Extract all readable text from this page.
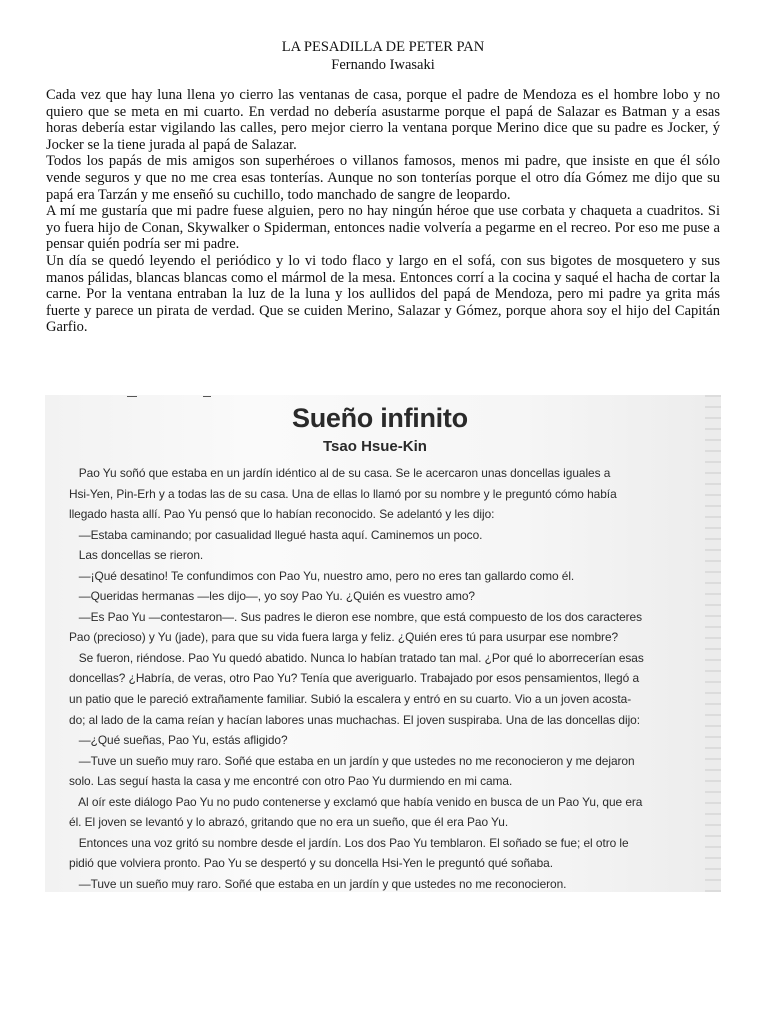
LA PESADILLA DE PETER PAN

Fernando Iwasaki

Cada vez que hay luna llena yo cierro las ventanas de casa, porque el padre de Mendoza es el hombre lobo y no quiero que se meta en mi cuarto. En verdad no debería asustarme porque el papá de Salazar es Batman y a esas horas debería estar vigilando las calles, pero mejor cierro la ventana porque Merino dice que su padre es Jocker, ý Jocker se la tiene jurada al papá de Salazar.

Todos los papás de mis amigos son superhéroes o villanos famosos, menos mi padre, que insiste en que él sólo vende seguros y que no me crea esas tonterías. Aunque no son tonterías porque el otro día Gómez me dijo que su papá era Tarzán y me enseñó su cuchillo, todo manchado de sangre de leopardo.

A mí me gustaría que mi padre fuese alguien, pero no hay ningún héroe que use corbata y chaqueta a cuadritos. Si yo fuera hijo de Conan, Skywalker o Spiderman, entonces nadie volvería a pegarme en el recreo. Por eso me puse a pensar quién podría ser mi padre.

Un día se quedó leyendo el periódico y lo vi todo flaco y largo en el sofá, con sus bigotes de mosquetero y sus manos pálidas, blancas blancas como el mármol de la mesa. Entonces corrí a la cocina y saqué el hacha de cortar la carne. Por la ventana entraban la luz de la luna y los aullidos del papá de Mendoza, pero mi padre ya grita más fuerte y parece un pirata de verdad. Que se cuiden Merino, Salazar y Gómez, porque ahora soy el hijo del Capitán Garfio.

Sueño infinito

Tsao Hsue-Kin

Pao Yu soñó que estaba en un jardín idéntico al de su casa. Se le acercaron unas doncellas iguales a

Hsi-Yen, Pin-Erh y a todas las de su casa. Una de ellas lo llamó por su nombre y le preguntó cómo había

llegado hasta allí. Pao Yu pensó que lo habían reconocido. Se adelantó y les dijo:

—Estaba caminando; por casualidad llegué hasta aquí. Caminemos un poco.

Las doncellas se rieron.

—¡Qué desatino! Te confundimos con Pao Yu, nuestro amo, pero no eres tan gallardo como él.

—Queridas hermanas —les dijo—, yo soy Pao Yu. ¿Quién es vuestro amo?

—Es Pao Yu —contestaron—. Sus padres le dieron ese nombre, que está compuesto de los dos caracteres

Pao (precioso) y Yu (jade), para que su vida fuera larga y feliz. ¿Quién eres tú para usurpar ese nombre?

Se fueron, riéndose. Pao Yu quedó abatido. Nunca lo habían tratado tan mal. ¿Por qué lo aborrecerían esas

doncellas? ¿Habría, de veras, otro Pao Yu? Tenía que averiguarlo. Trabajado por esos pensamientos, llegó a

un patio que le pareció extrañamente familiar. Subió la escalera y entró en su cuarto. Vio a un joven acosta-

do; al lado de la cama reían y hacían labores unas muchachas. El joven suspiraba. Una de las doncellas dijo:

—¿Qué sueñas, Pao Yu, estás afligido?

—Tuve un sueño muy raro. Soñé que estaba en un jardín y que ustedes no me reconocieron y me dejaron

solo. Las seguí hasta la casa y me encontré con otro Pao Yu durmiendo en mi cama.

Al oír este diálogo Pao Yu no pudo contenerse y exclamó que había venido en busca de un Pao Yu, que era

él. El joven se levantó y lo abrazó, gritando que no era un sueño, que él era Pao Yu.

Entonces una voz gritó su nombre desde el jardín. Los dos Pao Yu temblaron. El soñado se fue; el otro le

pidió que volviera pronto. Pao Yu se despertó y su doncella Hsi-Yen le preguntó qué soñaba.

—Tuve un sueño muy raro. Soñé que estaba en un jardín y que ustedes no me reconocieron.
